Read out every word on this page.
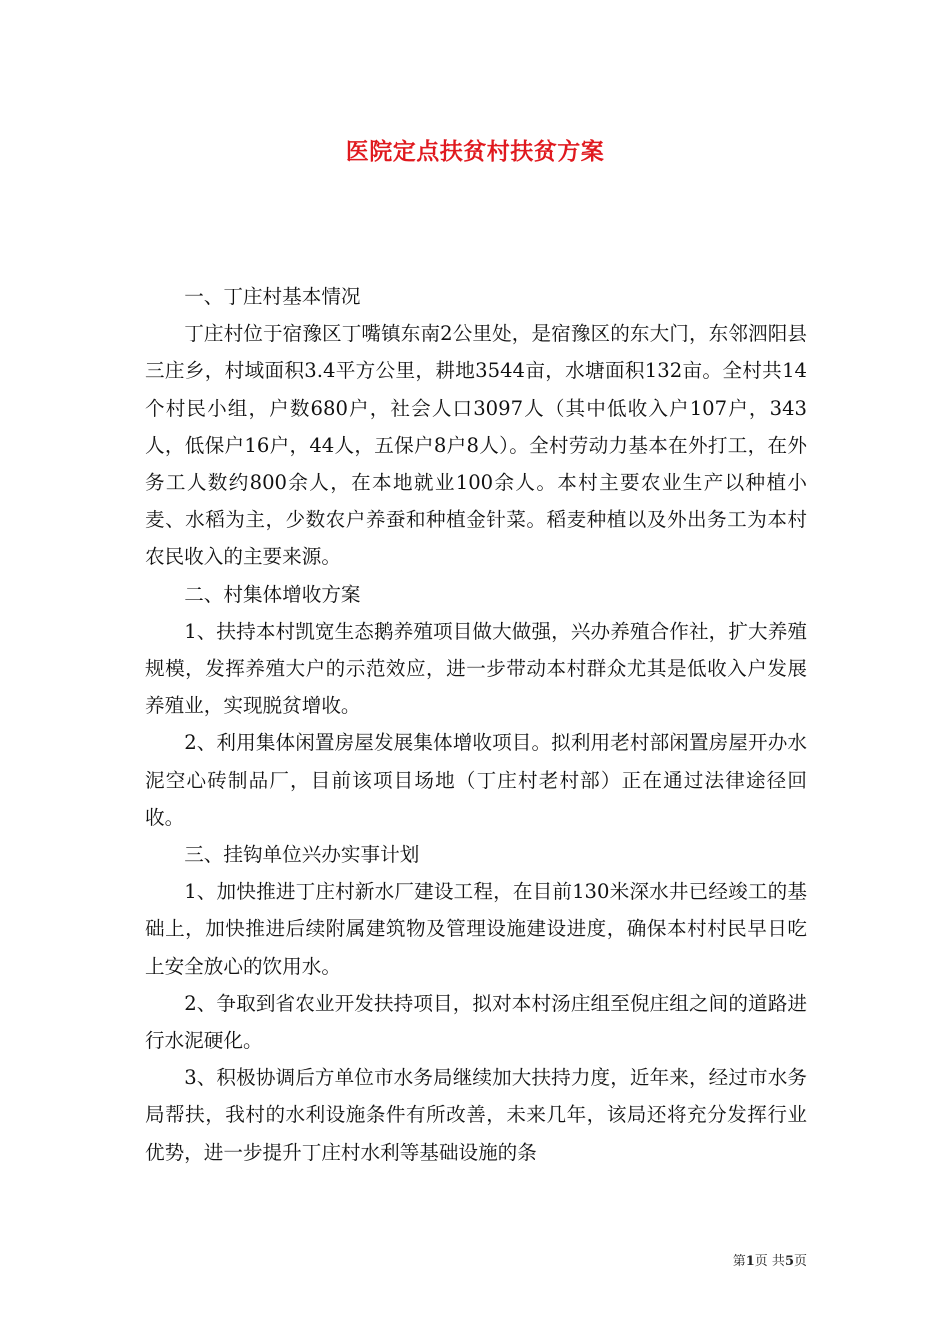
医院定点扶贫村扶贫方案

一、丁庄村基本情况

丁庄村位于宿豫区丁嘴镇东南2公里处，是宿豫区的东大门，东邻泗阳县三庄乡，村域面积3.4平方公里，耕地3544亩，水塘面积132亩。全村共14个村民小组，户数680户，社会人口3097人（其中低收入户107户，343人，低保户16户，44人，五保户8户8人）。全村劳动力基本在外打工，在外务工人数约800余人，在本地就业100余人。本村主要农业生产以种植小麦、水稻为主，少数农户养蚕和种植金针菜。稻麦种植以及外出务工为本村农民收入的主要来源。

二、村集体增收方案

1、扶持本村凯宽生态鹅养殖项目做大做强，兴办养殖合作社，扩大养殖规模，发挥养殖大户的示范效应，进一步带动本村群众尤其是低收入户发展养殖业，实现脱贫增收。

2、利用集体闲置房屋发展集体增收项目。拟利用老村部闲置房屋开办水泥空心砖制品厂，目前该项目场地（丁庄村老村部）正在通过法律途径回收。

三、挂钩单位兴办实事计划

1、加快推进丁庄村新水厂建设工程，在目前130米深水井已经竣工的基础上，加快推进后续附属建筑物及管理设施建设进度，确保本村村民早日吃上安全放心的饮用水。

2、争取到省农业开发扶持项目，拟对本村汤庄组至倪庄组之间的道路进行水泥硬化。

3、积极协调后方单位市水务局继续加大扶持力度，近年来，经过市水务局帮扶，我村的水利设施条件有所改善，未来几年，该局还将充分发挥行业优势，进一步提升丁庄村水利等基础设施的条

第1页 共5页
